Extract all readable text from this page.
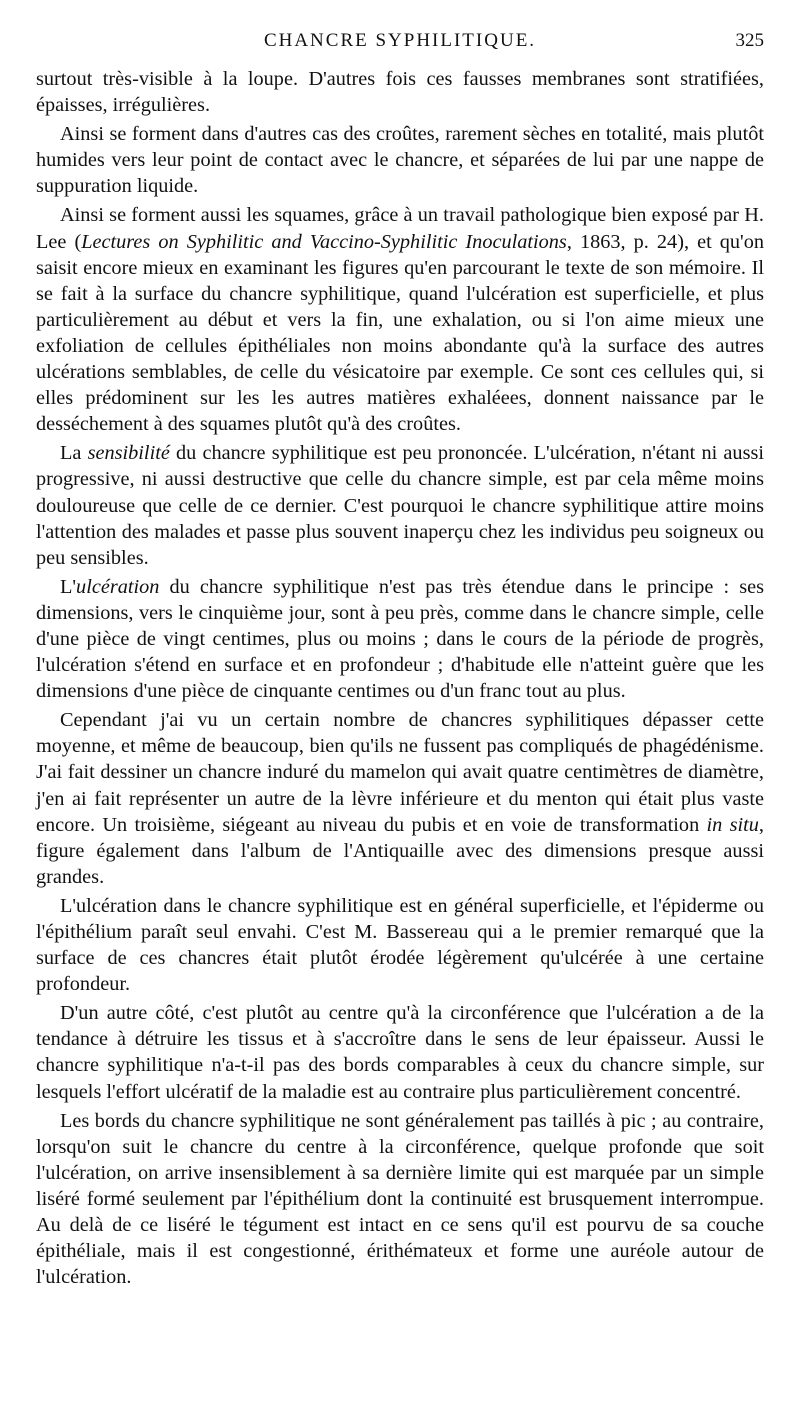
CHANCRE SYPHILITIQUE.	325

surtout très-visible à la loupe. D'autres fois ces fausses membranes sont stratifiées, épaisses, irrégulières.

Ainsi se forment dans d'autres cas des croûtes, rarement sèches en totalité, mais plutôt humides vers leur point de contact avec le chancre, et séparées de lui par une nappe de suppuration liquide.

Ainsi se forment aussi les squames, grâce à un travail pathologique bien exposé par H. Lee (Lectures on Syphilitic and Vaccino-Syphilitic Inoculations, 1863, p. 24), et qu'on saisit encore mieux en examinant les figures qu'en parcourant le texte de son mémoire. Il se fait à la surface du chancre syphilitique, quand l'ulcération est superficielle, et plus particulièrement au début et vers la fin, une exhalation, ou si l'on aime mieux une exfoliation de cellules épithéliales non moins abondante qu'à la surface des autres ulcérations semblables, de celle du vésicatoire par exemple. Ce sont ces cellules qui, si elles prédominent sur les les autres matières exhaléees, donnent naissance par le desséchement à des squames plutôt qu'à des croûtes.

La sensibilité du chancre syphilitique est peu prononcée. L'ulcération, n'étant ni aussi progressive, ni aussi destructive que celle du chancre simple, est par cela même moins douloureuse que celle de ce dernier. C'est pourquoi le chancre syphilitique attire moins l'attention des malades et passe plus souvent inaperçu chez les individus peu soigneux ou peu sensibles.

L'ulcération du chancre syphilitique n'est pas très étendue dans le principe : ses dimensions, vers le cinquième jour, sont à peu près, comme dans le chancre simple, celle d'une pièce de vingt centimes, plus ou moins ; dans le cours de la période de progrès, l'ulcération s'étend en surface et en profondeur ; d'habitude elle n'atteint guère que les dimensions d'une pièce de cinquante centimes ou d'un franc tout au plus.

Cependant j'ai vu un certain nombre de chancres syphilitiques dépasser cette moyenne, et même de beaucoup, bien qu'ils ne fussent pas compliqués de phagédénisme. J'ai fait dessiner un chancre induré du mamelon qui avait quatre centimètres de diamètre, j'en ai fait représenter un autre de la lèvre inférieure et du menton qui était plus vaste encore. Un troisième, siégeant au niveau du pubis et en voie de transformation in situ, figure également dans l'album de l'Antiquaille avec des dimensions presque aussi grandes.

L'ulcération dans le chancre syphilitique est en général superficielle, et l'épiderme ou l'épithélium paraît seul envahi. C'est M. Bassereau qui a le premier remarqué que la surface de ces chancres était plutôt érodée légèrement qu'ulcérée à une certaine profondeur.

D'un autre côté, c'est plutôt au centre qu'à la circonférence que l'ulcération a de la tendance à détruire les tissus et à s'accroître dans le sens de leur épaisseur. Aussi le chancre syphilitique n'a-t-il pas des bords comparables à ceux du chancre simple, sur lesquels l'effort ulcératif de la maladie est au contraire plus particulièrement concentré.

Les bords du chancre syphilitique ne sont généralement pas taillés à pic ; au contraire, lorsqu'on suit le chancre du centre à la circonférence, quelque profonde que soit l'ulcération, on arrive insensiblement à sa dernière limite qui est marquée par un simple liséré formé seulement par l'épithélium dont la continuité est brusquement interrompue. Au delà de ce liséré le tégument est intact en ce sens qu'il est pourvu de sa couche épithéliale, mais il est congestionné, érithémateux et forme une auréole autour de l'ulcération.
